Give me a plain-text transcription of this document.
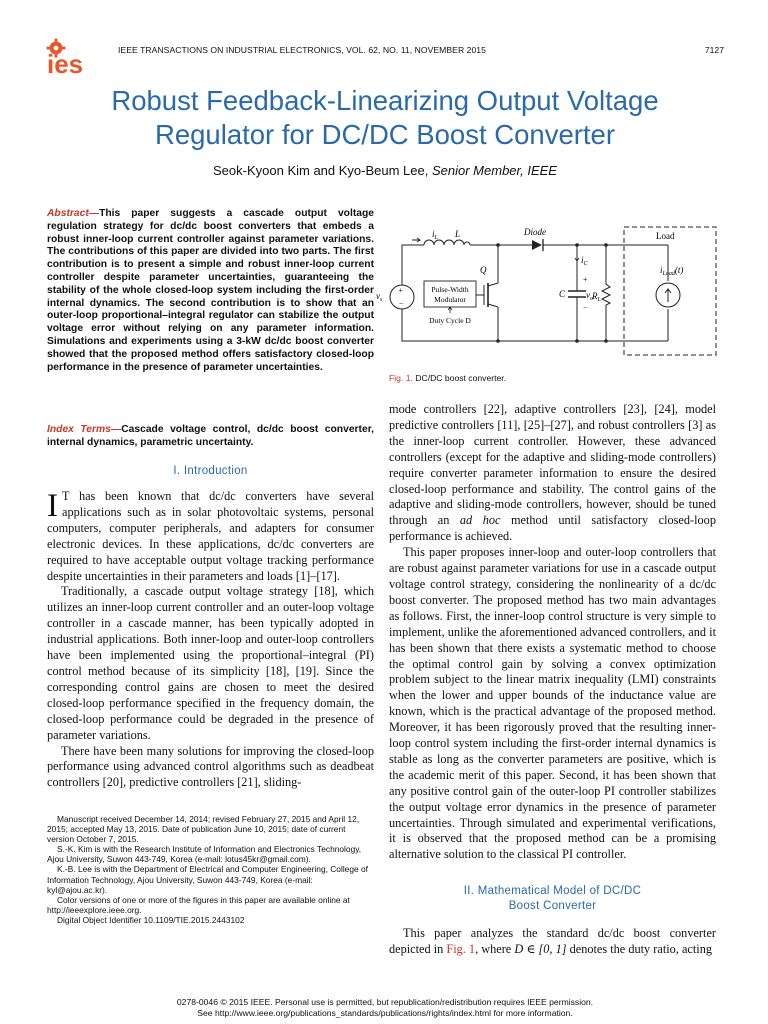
ies	IEEE TRANSACTIONS ON INDUSTRIAL ELECTRONICS, VOL. 62, NO. 11, NOVEMBER 2015	7127
Robust Feedback-Linearizing Output Voltage
Regulator for DC/DC Boost Converter
Seok-Kyoon Kim and Kyo-Beum Lee, Senior Member, IEEE
Abstract—This paper suggests a cascade output voltage regulation strategy for dc/dc boost converters that embeds a robust inner-loop current controller against parameter variations. The contributions of this paper are divided into two parts. The first contribution is to present a simple and robust inner-loop current controller despite parameter uncertainties, guaranteeing the stability of the whole closed-loop system including the first-order internal dynamics. The second contribution is to show that an outer-loop proportional–integral regulator can stabilize the output voltage error without relying on any parameter information. Simulations and experiments using a 3-kW dc/dc boost converter showed that the proposed method offers satisfactory closed-loop performance in the presence of parameter uncertainties.
Index Terms—Cascade voltage control, dc/dc boost converter, internal dynamics, parametric uncertainty.
I. Introduction

I T has been known that dc/dc converters have several applications such as in solar photovoltaic systems, personal computers, computer peripherals, and adapters for consumer electronic devices. In these applications, dc/dc converters are required to have acceptable output voltage tracking performance despite uncertainties in their parameters and loads [1]–[17].

Traditionally, a cascade output voltage strategy [18], which utilizes an inner-loop current controller and an outer-loop voltage controller in a cascade manner, has been typically adopted in industrial applications. Both inner-loop and outer-loop controllers have been implemented using the proportional–integral (PI) control method because of its simplicity [18], [19]. Since the corresponding control gains are chosen to meet the desired closed-loop performance specified in the frequency domain, the closed-loop performance could be degraded in the presence of parameter variations.

There have been many solutions for improving the closed-loop performance using advanced control algorithms such as deadbeat controllers [20], predictive controllers [21], sliding-

Manuscript received December 14, 2014; revised February 27, 2015 and April 12, 2015; accepted May 13, 2015. Date of publication June 10, 2015; date of current version October 7, 2015.

S.-K. Kim is with the Research Institute of Information and Electronics Technology, Ajou University, Suwon 443-749, Korea (e-mail: lotus45kr@gmail.com).

K.-B. Lee is with the Department of Electrical and Computer Engineering, College of Information Technology, Ajou University, Suwon 443-749, Korea (e-mail: kyl@ajou.ac.kr).

Color versions of one or more of the figures in this paper are available online at http://ieeexplore.ieee.org.

Digital Object Identifier 10.1109/TIE.2015.2443102

+
−
$v_s$
Q
Pulse-Width
Modulator
Duty Cycle D
$i_C$
C
+
−
$v_o$ $R_L$
$i_{Load}(t)$
$i_L$ L	Diode	Load
Fig. 1. DC/DC boost converter.

mode controllers [22], adaptive controllers [23], [24], model predictive controllers [11], [25]–[27], and robust controllers [3] as the inner-loop current controller. However, these advanced controllers (except for the adaptive and sliding-mode controllers) require converter parameter information to ensure the desired closed-loop performance and stability. The control gains of the adaptive and sliding-mode controllers, however, should be tuned through an ad hoc method until satisfactory closed-loop performance is achieved.

This paper proposes inner-loop and outer-loop controllers that are robust against parameter variations for use in a cascade output voltage control strategy, considering the nonlinearity of a dc/dc boost converter. The proposed method has two main advantages as follows. First, the inner-loop control structure is very simple to implement, unlike the aforementioned advanced controllers, and it has been shown that there exists a systematic method to choose the optimal control gain by solving a convex optimization problem subject to the linear matrix inequality (LMI) constraints when the lower and upper bounds of the inductance value are known, which is the practical advantage of the proposed method. Moreover, it has been rigorously proved that the resulting inner-loop control system including the first-order internal dynamics is stable as long as the converter parameters are positive, which is the academic merit of this paper. Second, it has been shown that any positive control gain of the outer-loop PI controller stabilizes the output voltage error dynamics in the presence of parameter uncertainties. Through simulated and experimental verifications, it is observed that the proposed method can be a promising alternative solution to the classical PI controller.

II. Mathematical Model of DC/DC
Boost Converter

This paper analyzes the standard dc/dc boost converter depicted in Fig. 1, where D ∈ [0, 1] denotes the duty ratio, acting

0278-0046 © 2015 IEEE. Personal use is permitted, but republication/redistribution requires IEEE permission.
See http://www.ieee.org/publications_standards/publications/rights/index.html for more information.
